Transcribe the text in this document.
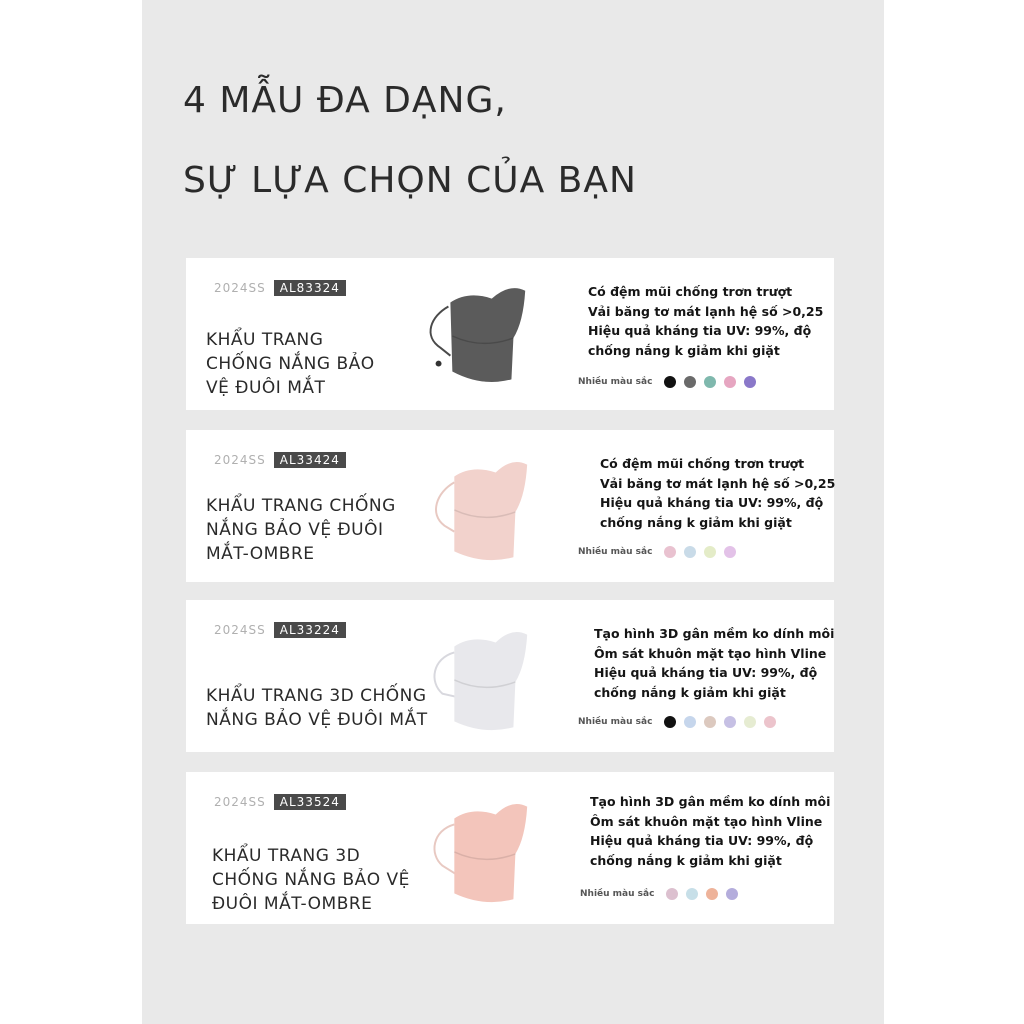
4 MẪU ĐA DẠNG,
SỰ LỰA CHỌN CỦA BẠN
2024SS	AL83324
KHẨU TRANG
CHỐNG NẮNG BẢO
VỆ ĐUÔI MẮT
Có đệm mũi chống trơn trượt
Vải băng tơ mát lạnh hệ số >0,25
Hiệu quả kháng tia UV: 99%, độ
chống nắng k giảm khi giặt
Nhiều màu sắc
2024SS	AL33424
KHẨU TRANG CHỐNG
NẮNG BẢO VỆ ĐUÔI
MẮT-OMBRE
Có đệm mũi chống trơn trượt
Vải băng tơ mát lạnh hệ số >0,25
Hiệu quả kháng tia UV: 99%, độ
chống nắng k giảm khi giặt
Nhiều màu sắc
2024SS	AL33224
KHẨU TRANG 3D CHỐNG
NẮNG BẢO VỆ ĐUÔI MẮT
Tạo hình 3D gân mềm ko dính môi
Ôm sát khuôn mặt tạo hình Vline
Hiệu quả kháng tia UV: 99%, độ
chống nắng k giảm khi giặt
Nhiều màu sắc
2024SS	AL33524
KHẨU TRANG 3D
CHỐNG NẮNG BẢO VỆ
ĐUÔI MẮT-OMBRE
Tạo hình 3D gân mềm ko dính môi
Ôm sát khuôn mặt tạo hình Vline
Hiệu quả kháng tia UV: 99%, độ
chống nắng k giảm khi giặt
Nhiều màu sắc
